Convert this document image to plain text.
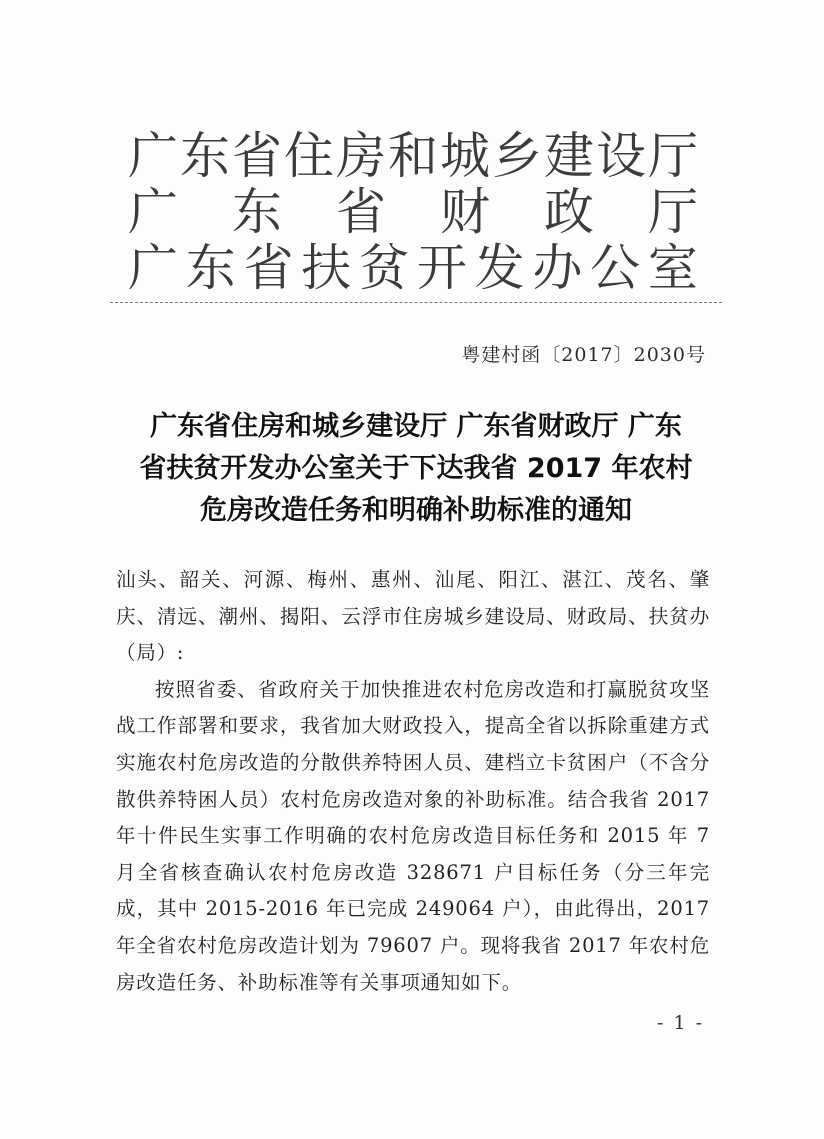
广 东 省 住 房 和 城 乡 建 设 厅
广 东 省 财 政 厅
广 东 省 扶 贫 开 发 办 公 室
粤建村函〔2017〕2030号
广东省住房和城乡建设厅 广东省财政厅 广东
省扶贫开发办公室关于下达我省 2017 年农村
危房改造任务和明确补助标准的通知

汕头、韶关、河源、梅州、惠州、汕尾、阳江、湛江、茂名、肇庆、清远、潮州、揭阳、云浮市住房城乡建设局、财政局、扶贫办（局）:

按照省委、省政府关于加快推进农村危房改造和打赢脱贫攻坚战工作部署和要求，我省加大财政投入，提高全省以拆除重建方式实施农村危房改造的分散供养特困人员、建档立卡贫困户（不含分散供养特困人员）农村危房改造对象的补助标准。结合我省 2017 年十件民生实事工作明确的农村危房改造目标任务和 2015 年 7 月全省核查确认农村危房改造 328671 户目标任务（分三年完成，其中 2015-2016 年已完成 249064 户），由此得出，2017 年全省农村危房改造计划为 79607 户。现将我省 2017 年农村危房改造任务、补助标准等有关事项通知如下。

- 1 -
